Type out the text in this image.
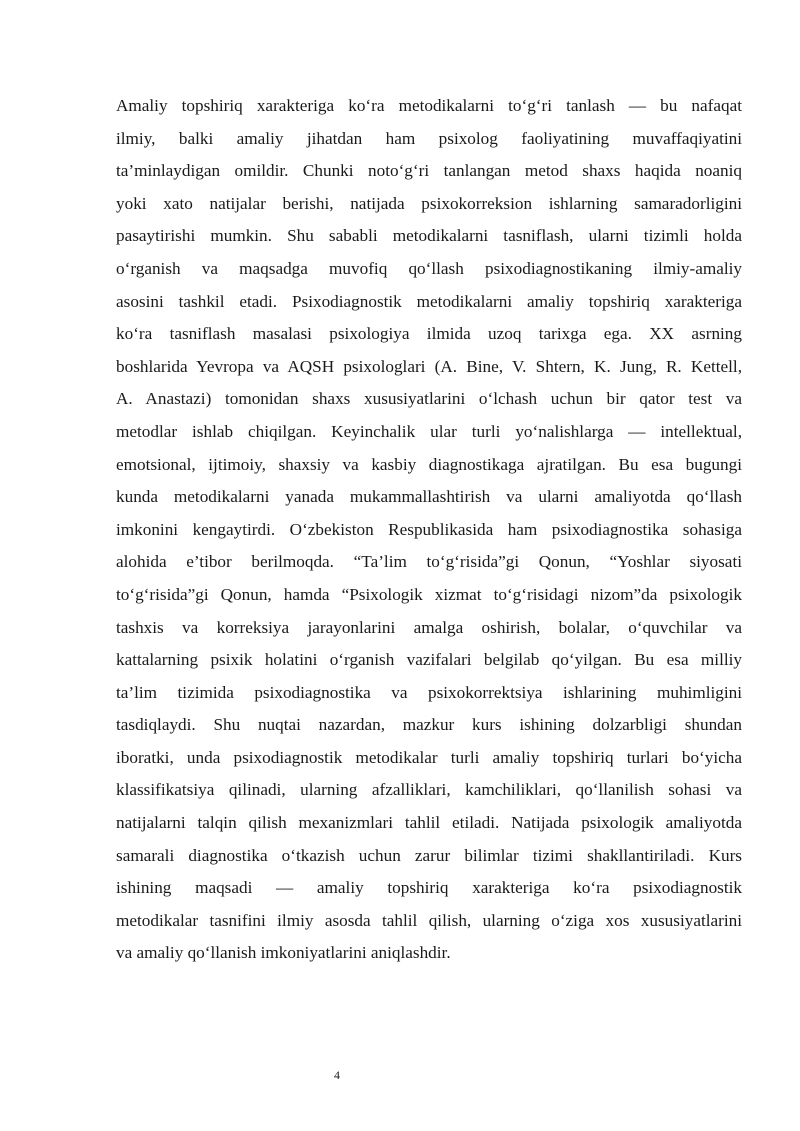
Amaliy topshiriq xarakteriga ko‘ra metodikalarni to‘g‘ri tanlash — bu nafaqat
ilmiy, balki amaliy jihatdan ham psixolog faoliyatining muvaffaqiyatini
ta’minlaydigan omildir. Chunki noto‘g‘ri tanlangan metod shaxs haqida noaniq
yoki xato natijalar berishi, natijada psixokorreksion ishlarning samaradorligini
pasaytirishi mumkin. Shu sababli metodikalarni tasniflash, ularni tizimli holda
o‘rganish va maqsadga muvofiq qo‘llash psixodiagnostikaning ilmiy-amaliy
asosini tashkil etadi. Psixodiagnostik metodikalarni amaliy topshiriq xarakteriga
ko‘ra tasniflash masalasi psixologiya ilmida uzoq tarixga ega. XX asrning
boshlarida Yevropa va AQSH psixologlari (A. Bine, V. Shtern, K. Jung, R. Kettell,
A. Anastazi) tomonidan shaxs xususiyatlarini o‘lchash uchun bir qator test va
metodlar ishlab chiqilgan. Keyinchalik ular turli yo‘nalishlarga — intellektual,
emotsional, ijtimoiy, shaxsiy va kasbiy diagnostikaga ajratilgan. Bu esa bugungi
kunda metodikalarni yanada mukammallashtirish va ularni amaliyotda qo‘llash
imkonini kengaytirdi. O‘zbekiston Respublikasida ham psixodiagnostika sohasiga
alohida e’tibor berilmoqda. “Ta’lim to‘g‘risida”gi Qonun, “Yoshlar siyosati
to‘g‘risida”gi Qonun, hamda “Psixologik xizmat to‘g‘risidagi nizom”da psixologik
tashxis va korreksiya jarayonlarini amalga oshirish, bolalar, o‘quvchilar va
kattalarning psixik holatini o‘rganish vazifalari belgilab qo‘yilgan. Bu esa milliy
ta’lim tizimida psixodiagnostika va psixokorrektsiya ishlarining muhimligini
tasdiqlaydi. Shu nuqtai nazardan, mazkur kurs ishining dolzarbligi shundan
iboratki, unda psixodiagnostik metodikalar turli amaliy topshiriq turlari bo‘yicha
klassifikatsiya qilinadi, ularning afzalliklari, kamchiliklari, qo‘llanilish sohasi va
natijalarni talqin qilish mexanizmlari tahlil etiladi. Natijada psixologik amaliyotda
samarali diagnostika o‘tkazish uchun zarur bilimlar tizimi shakllantiriladi. Kurs
ishining maqsadi — amaliy topshiriq xarakteriga ko‘ra psixodiagnostik
metodikalar tasnifini ilmiy asosda tahlil qilish, ularning o‘ziga xos xususiyatlarini
va amaliy qo‘llanish imkoniyatlarini aniqlashdir.
4
